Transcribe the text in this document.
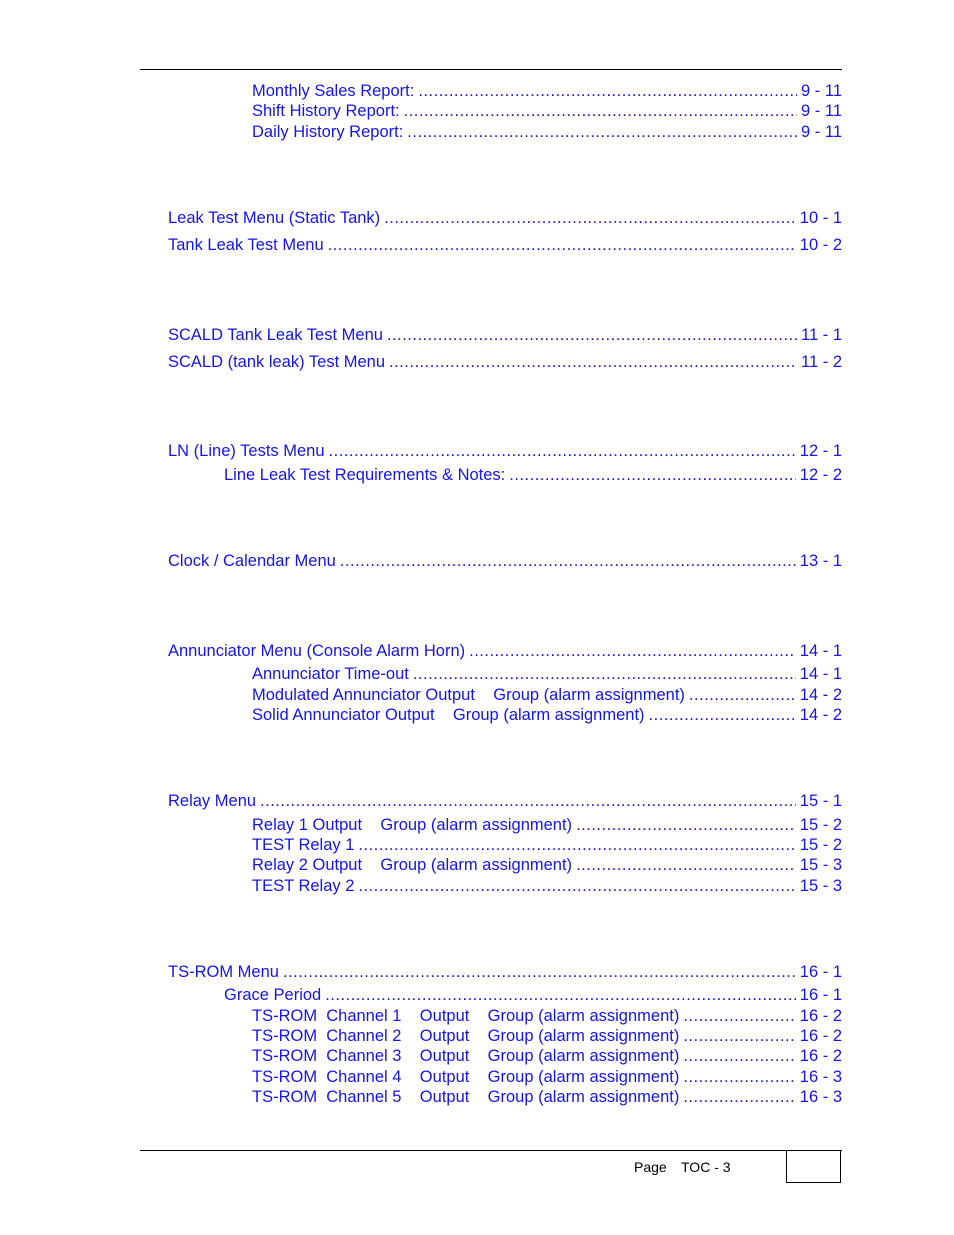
Monthly Sales Report: .....	9 - 11
Shift History Report: .....	9 - 11
Daily History Report: .....	9 - 11
Leak Test Menu (Static Tank) .....	10 - 1
Tank Leak Test Menu .....	10 - 2
SCALD Tank Leak Test Menu .....	11 - 1
SCALD (tank leak) Test Menu .....	11 - 2
LN (Line) Tests Menu .....	12 - 1
Line Leak Test Requirements & Notes: .....	12 - 2
Clock / Calendar Menu .....	13 - 1
Annunciator Menu (Console Alarm Horn) .....	14 - 1
Annunciator Time-out .....	14 - 1
Modulated Annunciator Output    Group (alarm assignment) .....	14 - 2
Solid Annunciator Output    Group (alarm assignment) .....	14 - 2
Relay Menu .....	15 - 1
Relay 1 Output    Group (alarm assignment) .....	15 - 2
TEST Relay 1 .....	15 - 2
Relay 2 Output    Group (alarm assignment) .....	15 - 3
TEST Relay 2 .....	15 - 3
TS-ROM Menu .....	16 - 1
Grace Period .....	16 - 1
TS-ROM  Channel 1    Output    Group (alarm assignment) .....	16 - 2
TS-ROM  Channel 2    Output    Group (alarm assignment) .....	16 - 2
TS-ROM  Channel 3    Output    Group (alarm assignment) .....	16 - 2
TS-ROM  Channel 4    Output    Group (alarm assignment) .....	16 - 3
TS-ROM  Channel 5    Output    Group (alarm assignment) .....	16 - 3
Page TOC - 3
